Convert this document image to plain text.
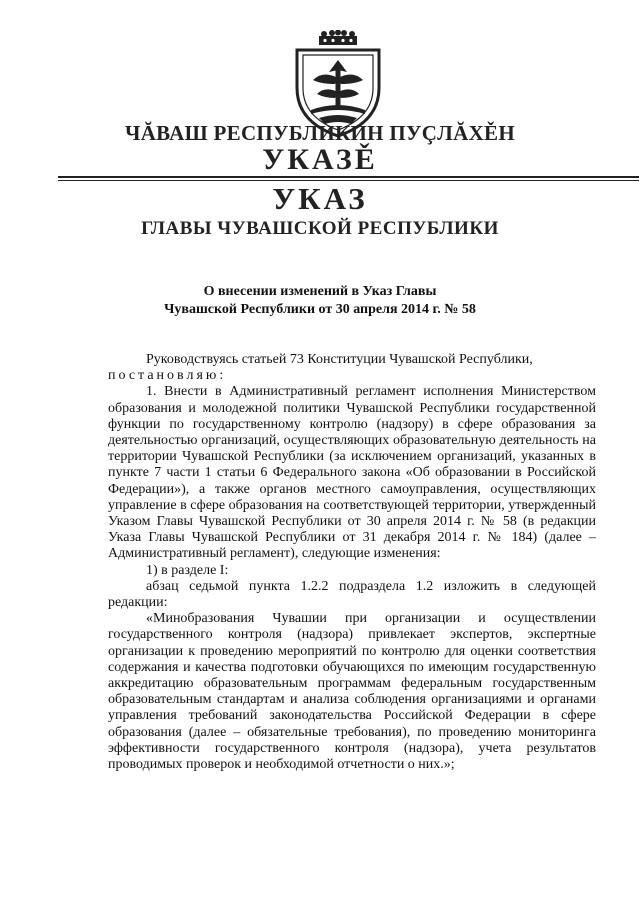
ЧĂВАШ РЕСПУБЛИКИН ПУÇЛĂХĚН
УКАЗĚ
УКАЗ
ГЛАВЫ ЧУВАШСКОЙ РЕСПУБЛИКИ
О внесении изменений в Указ Главы
Чувашской Республики от 30 апреля 2014 г. № 58

Руководствуясь статьей 73 Конституции Чувашской Республики,

постановляю:

1. Внести в Административный регламент исполнения Министерством образования и молодежной политики Чувашской Республики государственной функции по государственному контролю (надзору) в сфере образования за деятельностью организаций, осуществляющих образовательную деятельность на территории Чувашской Республики (за исключением организаций, указанных в пункте 7 части 1 статьи 6 Федерального закона «Об образовании в Российской Федерации»), а также органов местного самоуправления, осуществляющих управление в сфере образования на соответствующей территории, утвержденный Указом Главы Чувашской Республики от 30 апреля 2014 г. № 58 (в редакции Указа Главы Чувашской Республики от 31 декабря 2014 г. № 184) (далее – Административный регламент), следующие изменения:

1) в разделе I:

абзац седьмой пункта 1.2.2 подраздела 1.2 изложить в следующей редакции:

«Минобразования Чувашии при организации и осуществлении государственного контроля (надзора) привлекает экспертов, экспертные организации к проведению мероприятий по контролю для оценки соответствия содержания и качества подготовки обучающихся по имеющим государственную аккредитацию образовательным программам федеральным государственным образовательным стандартам и анализа соблюдения организациями и органами управления требований законодательства Российской Федерации в сфере образования (далее – обязательные требования), по проведению мониторинга эффективности государственного контроля (надзора), учета результатов проводимых проверок и необходимой отчетности о них.»;
